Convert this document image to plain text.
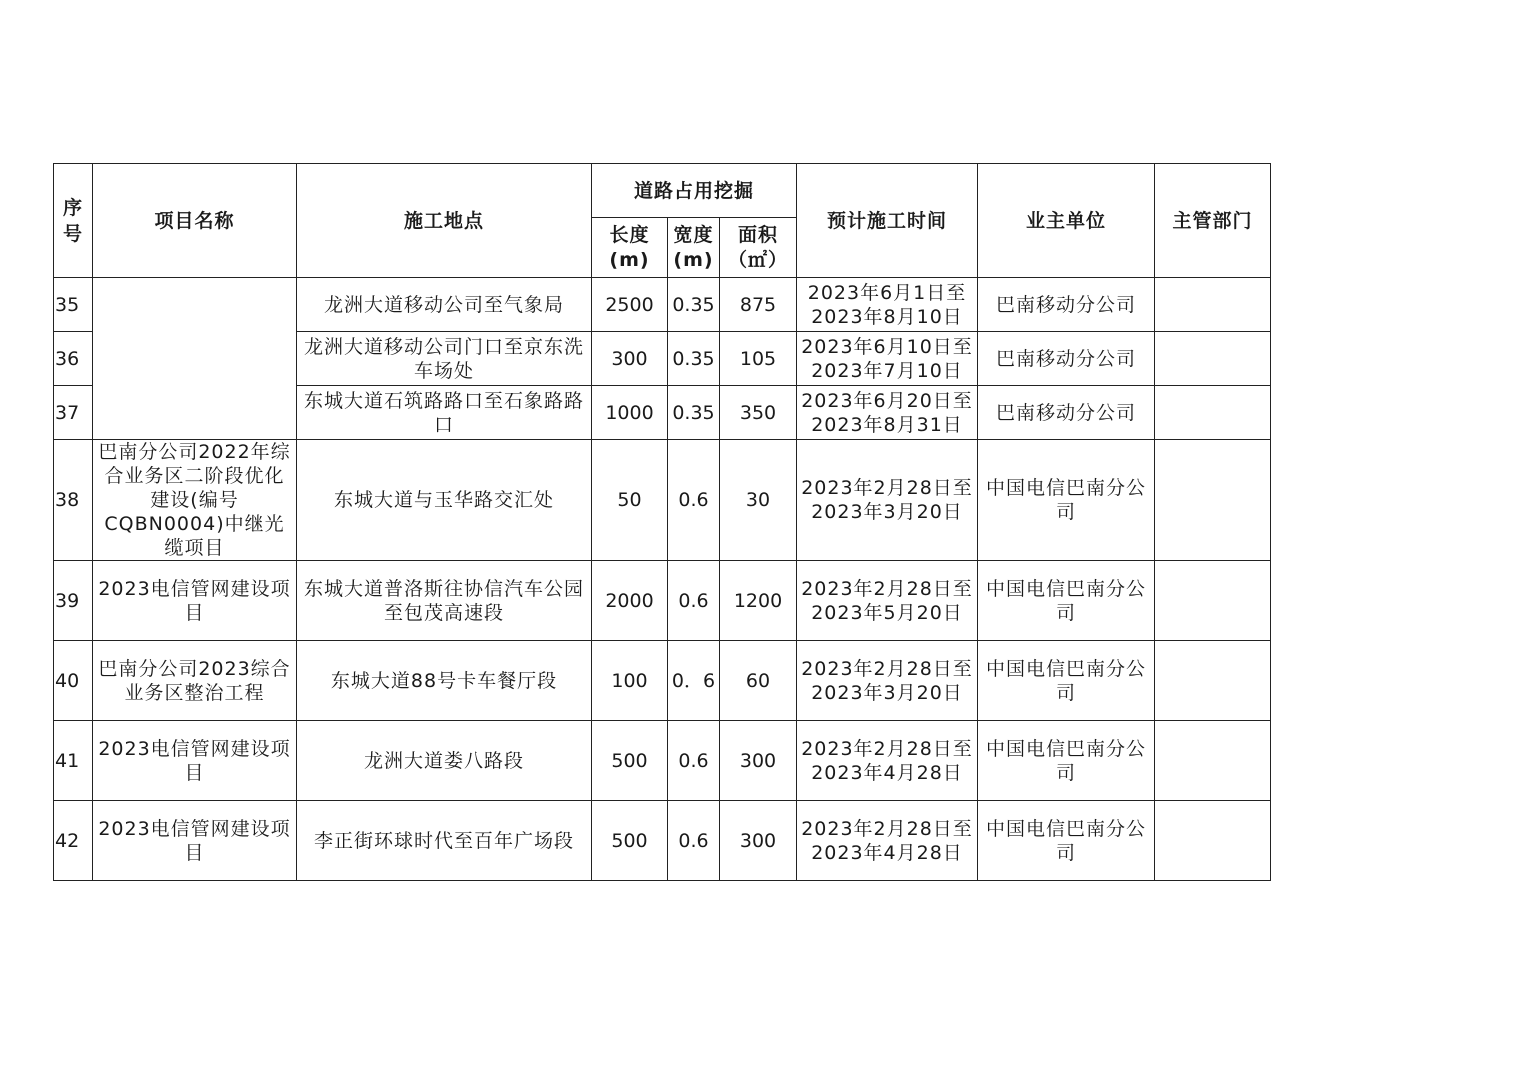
序号	项目名称	施工地点	道路占用挖掘			预计施工时间	业主单位	主管部门
			长度(m)	宽度(m)	面积（㎡）			
35		龙洲大道移动公司至气象局	2500	0.35	875	2023年6月1日至2023年8月10日	巴南移动分公司	
36		龙洲大道移动公司门口至京东洗车场处	300	0.35	105	2023年6月10日至2023年7月10日	巴南移动分公司	
37		东城大道石筑路路口至石象路路口	1000	0.35	350	2023年6月20日至2023年8月31日	巴南移动分公司	
38	巴南分公司2022年综合业务区二阶段优化建设(编号CQBN0004)中继光缆项目	东城大道与玉华路交汇处	50	0.6	30	2023年2月28日至2023年3月20日	中国电信巴南分公司	
39	2023电信管网建设项目	东城大道普洛斯往协信汽车公园至包茂高速段	2000	0.6	1200	2023年2月28日至2023年5月20日	中国电信巴南分公司	
40	巴南分公司2023综合业务区整治工程	东城大道88号卡车餐厅段	100	0．6	60	2023年2月28日至2023年3月20日	中国电信巴南分公司	
41	2023电信管网建设项目	龙洲大道娄八路段	500	0.6	300	2023年2月28日至2023年4月28日	中国电信巴南分公司	
42	2023电信管网建设项目	李正街环球时代至百年广场段	500	0.6	300	2023年2月28日至2023年4月28日	中国电信巴南分公司	
